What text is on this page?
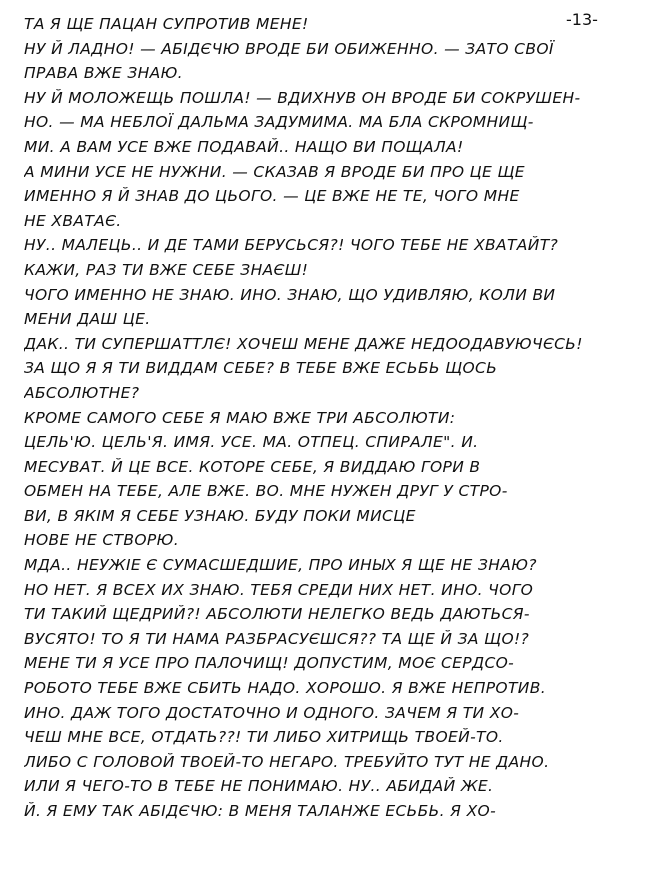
-13-
ТА Я ЩЕ ПАЦАН СУПРОТИВ МЕНЕ!
НУ Й ЛАДНО! — АБІДЄЧЮ ВРОДЕ БИ ОБИЖЕННО. — ЗАТО СВОЇ
ПРАВА ВЖЕ ЗНАЮ.
НУ Й МОЛОЖЕЩЬ ПОШЛА! — ВДИХНУВ ОН ВРОДЕ БИ СОКРУШЕН-
НО. — МА НЕБЛОЇ ДАЛЬМА ЗАДУМИМА. МА БЛА СКРОМНИЩ-
МИ. А ВАМ УСЕ ВЖЕ ПОДАВАЙ.. НАЩО ВИ ПОЩАЛА!
А МИНИ УСЕ НЕ НУЖНИ. — СКАЗАВ Я ВРОДЕ БИ ПРО ЦЕ ЩЕ
ИМЕННО Я Й ЗНАВ ДО ЦЬОГО. — ЦЕ ВЖЕ НЕ ТЕ, ЧОГО МНЕ
НЕ ХВАТАЄ.
НУ.. МАЛЕЦЬ.. И ДЕ ТАМИ БЕРУСЬСЯ?! ЧОГО ТЕБЕ НЕ ХВАТАЙТ?
КАЖИ, РАЗ ТИ ВЖЕ СЕБЕ ЗНАЄШ!
ЧОГО ИМЕННО НЕ ЗНАЮ. ИНО. ЗНАЮ, ЩО УДИВЛЯЮ, КОЛИ ВИ
МЕНИ ДАШ ЦЕ.
ДАК.. ТИ СУПЕРШАТТЛЄ! ХОЧЕШ МЕНЕ ДАЖЕ НЕДООДАВУЮЧЄСЬ!
ЗА ЩО Я Я ТИ ВИДДАМ СЕБЕ? В ТЕБЕ ВЖЕ ЕСЬБЬ ЩОСЬ
АБСОЛЮТНЕ?
КРОМЕ САМОГО СЕБЕ Я МАЮ ВЖЕ ТРИ АБСОЛЮТИ:
ЦЕЛЬ'Ю. ЦЕЛЬ'Я. ИМЯ. УСЕ. МА. ОТПЕЦ. СПИРАЛЕ". И.
МЕСУВАТ. Й ЦЕ ВСЕ. КОТОРЕ СЕБЕ, Я ВИДДАЮ ГОРИ В
ОБМЕН НА ТЕБЕ, АЛЕ ВЖЕ. ВО. МНЕ НУЖЕН ДРУГ У СТРО-
ВИ, В ЯКІМ Я СЕБЕ УЗНАЮ. БУДУ ПОКИ МИСЦЕ
НОВЕ НЕ СТВОРЮ.
МДА.. НЕУЖІЕ Є СУМАСШЕДШИЕ, ПРО ИНЫХ Я ЩЕ НЕ ЗНАЮ?
НО НЕТ. Я ВСЕХ ИХ ЗНАЮ. ТЕБЯ СРЕДИ НИХ НЕТ. ИНО. ЧОГО
ТИ ТАКИЙ ЩЕДРИЙ?! АБСОЛЮТИ НЕЛЕГКО ВЕДЬ ДАЮТЬСЯ-
ВУСЯТО! ТО Я ТИ НАМА РАЗБРАСУЄШСЯ?? ТА ЩЕ Й ЗА ЩО!?
МЕНЕ ТИ Я УСЕ ПРО ПАЛОЧИЩ! ДОПУСТИМ, МОЄ СЕРДСО-
РОБОТО ТЕБЕ ВЖЕ СБИТЬ НАДО. ХОРОШО. Я ВЖЕ НЕПРОТИВ.
ИНО. ДАЖ ТОГО ДОСТАТОЧНО И ОДНОГО. ЗАЧЕМ Я ТИ ХО-
ЧЕШ МНЕ ВСЕ, ОТДАТЬ??! ТИ ЛИБО ХИТРИЩЬ ТВОЕЙ-ТО.
ЛИБО С ГОЛОВОЙ ТВОЕЙ-ТО НЕГАРО. ТРЕБУЙТО ТУТ НЕ ДАНО.
ИЛИ Я ЧЕГО-ТО В ТЕБЕ НЕ ПОНИМАЮ. НУ.. АБИДАЙ ЖЕ.
Й. Я ЕМУ ТАК АБІДЄЧЮ: В МЕНЯ ТАЛАНЖЕ ЕСЬБЬ. Я ХО-
